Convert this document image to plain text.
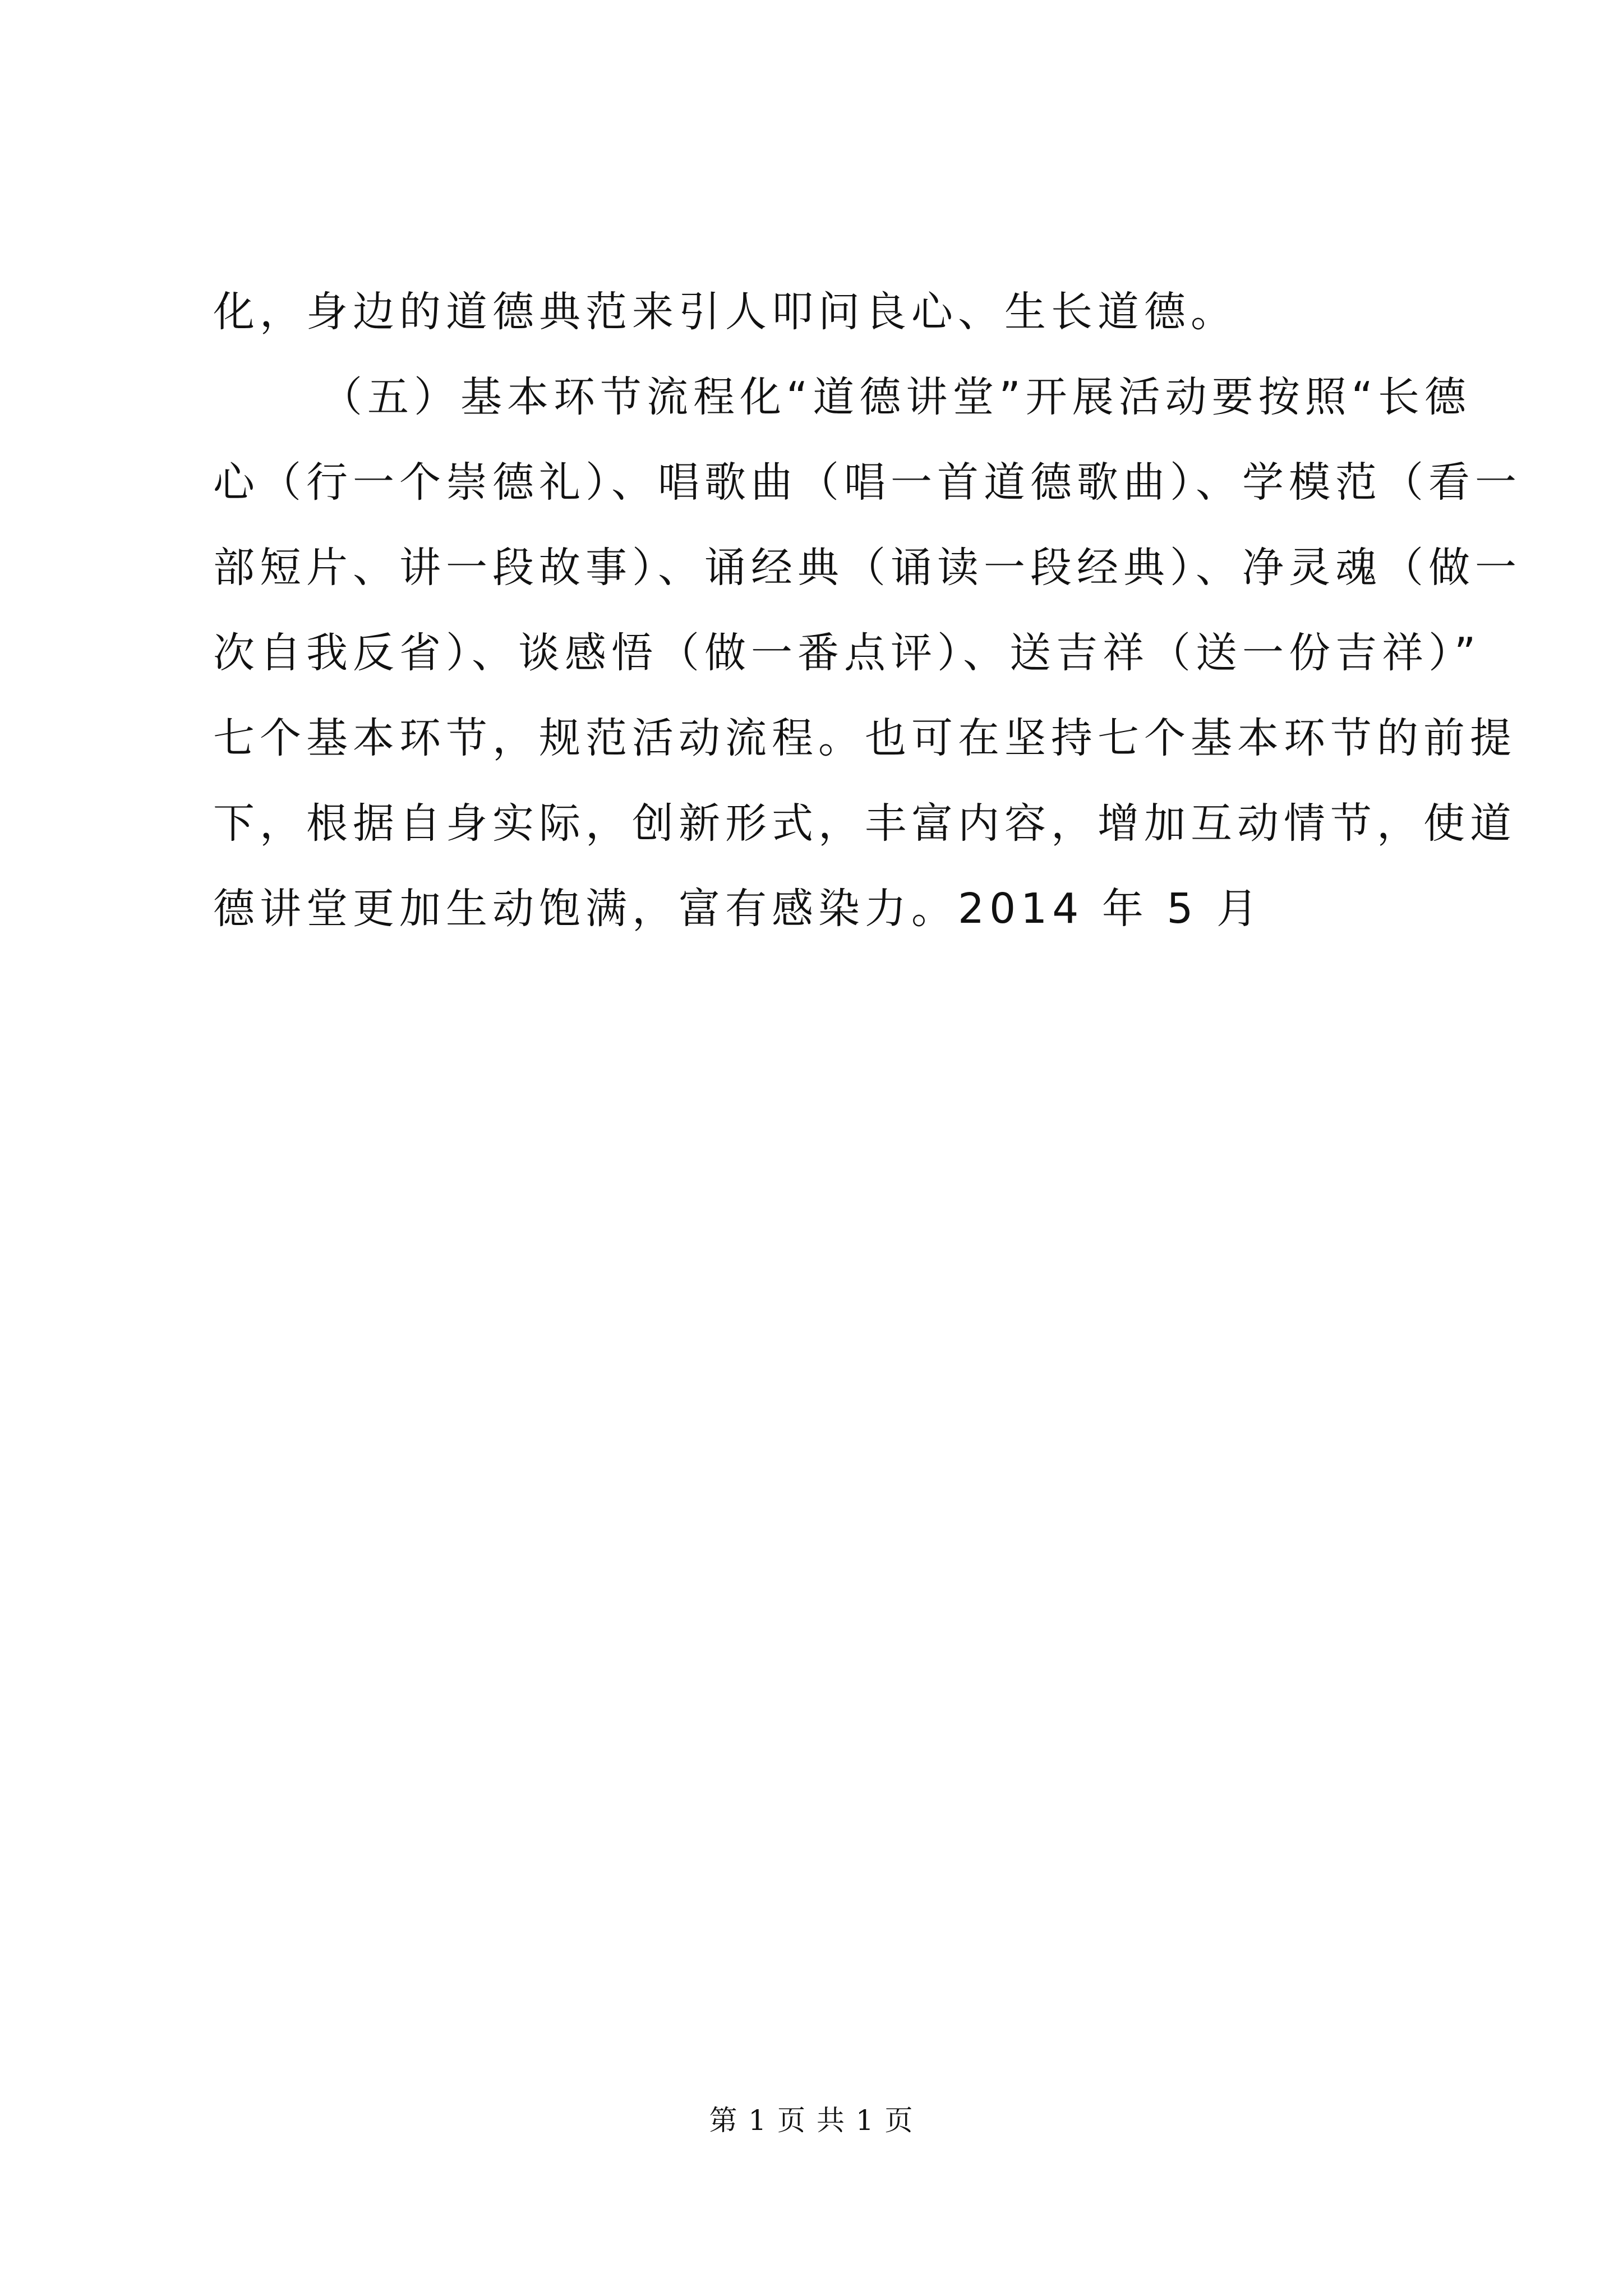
化，身边的道德典范来引人叩问良心、生长道德。
（五）基本环节流程化“道德讲堂”开展活动要按照“长德
心（行一个崇德礼）、唱歌曲（唱一首道德歌曲）、学模范（看一
部短片、讲一段故事）、诵经典（诵读一段经典）、净灵魂（做一
次自我反省）、谈感悟（做一番点评）、送吉祥（送一份吉祥）”
七个基本环节，规范活动流程。也可在坚持七个基本环节的前提
下，根据自身实际，创新形式，丰富内容，增加互动情节，使道
德讲堂更加生动饱满，富有感染力。2014 年 5 月
第 1 页 共 1 页
